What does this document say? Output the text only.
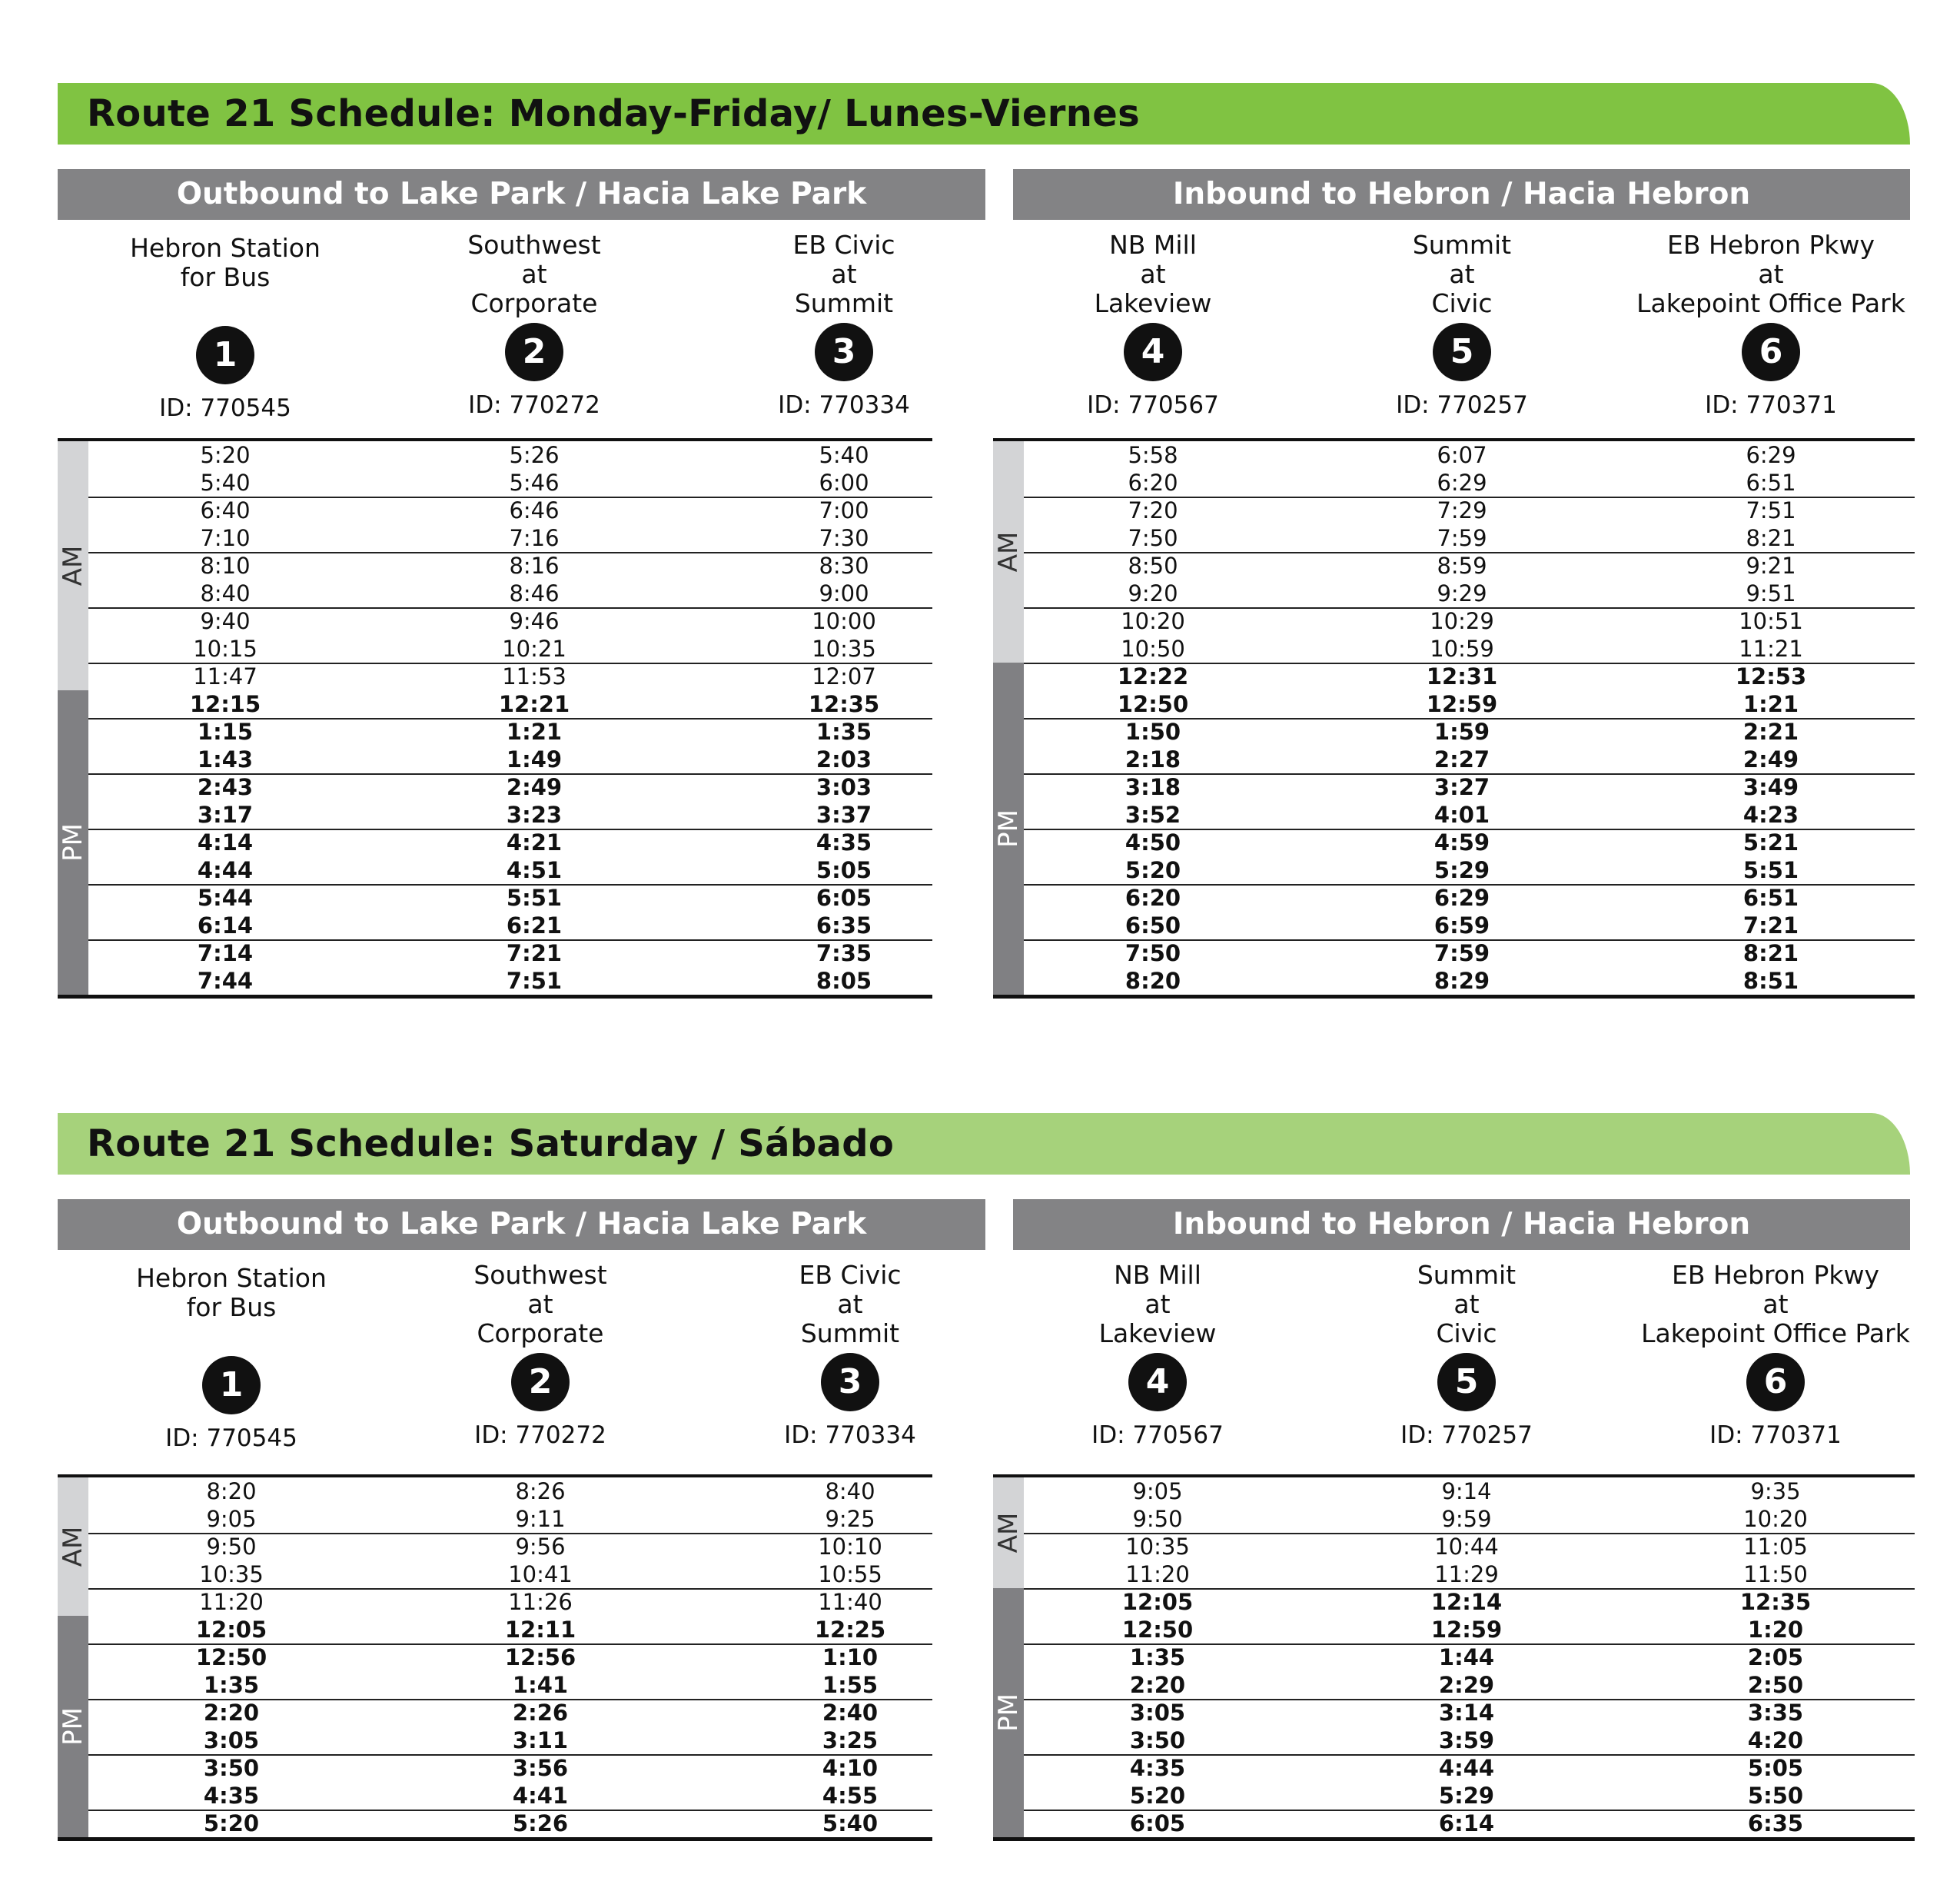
Route 21 Schedule: Monday-Friday/ Lunes-Viernes
Outbound to Lake Park / Hacia Lake Park
Hebron Station
for Bus
1
ID: 770545
Southwest
at
Corporate
2
ID: 770272
EB Civic
at
Summit
3
ID: 770334
AM
PM
5:20	5:26	5:40
5:40	5:46	6:00
6:40	6:46	7:00
7:10	7:16	7:30
8:10	8:16	8:30
8:40	8:46	9:00
9:40	9:46	10:00
10:15	10:21	10:35
11:47	11:53	12:07
12:15	12:21	12:35
1:15	1:21	1:35
1:43	1:49	2:03
2:43	2:49	3:03
3:17	3:23	3:37
4:14	4:21	4:35
4:44	4:51	5:05
5:44	5:51	6:05
6:14	6:21	6:35
7:14	7:21	7:35
7:44	7:51	8:05
Inbound to Hebron / Hacia Hebron
NB Mill
at
Lakeview
4
ID: 770567
Summit
at
Civic
5
ID: 770257
EB Hebron Pkwy
at
Lakepoint Office Park
6
ID: 770371
AM
PM
5:58	6:07	6:29
6:20	6:29	6:51
7:20	7:29	7:51
7:50	7:59	8:21
8:50	8:59	9:21
9:20	9:29	9:51
10:20	10:29	10:51
10:50	10:59	11:21
12:22	12:31	12:53
12:50	12:59	1:21
1:50	1:59	2:21
2:18	2:27	2:49
3:18	3:27	3:49
3:52	4:01	4:23
4:50	4:59	5:21
5:20	5:29	5:51
6:20	6:29	6:51
6:50	6:59	7:21
7:50	7:59	8:21
8:20	8:29	8:51
Route 21 Schedule: Saturday / Sábado
Outbound to Lake Park / Hacia Lake Park
Hebron Station
for Bus
1
ID: 770545
Southwest
at
Corporate
2
ID: 770272
EB Civic
at
Summit
3
ID: 770334
AM
PM
8:20	8:26	8:40
9:05	9:11	9:25
9:50	9:56	10:10
10:35	10:41	10:55
11:20	11:26	11:40
12:05	12:11	12:25
12:50	12:56	1:10
1:35	1:41	1:55
2:20	2:26	2:40
3:05	3:11	3:25
3:50	3:56	4:10
4:35	4:41	4:55
5:20	5:26	5:40
Inbound to Hebron / Hacia Hebron
NB Mill
at
Lakeview
4
ID: 770567
Summit
at
Civic
5
ID: 770257
EB Hebron Pkwy
at
Lakepoint Office Park
6
ID: 770371
AM
PM
9:05	9:14	9:35
9:50	9:59	10:20
10:35	10:44	11:05
11:20	11:29	11:50
12:05	12:14	12:35
12:50	12:59	1:20
1:35	1:44	2:05
2:20	2:29	2:50
3:05	3:14	3:35
3:50	3:59	4:20
4:35	4:44	5:05
5:20	5:29	5:50
6:05	6:14	6:35
